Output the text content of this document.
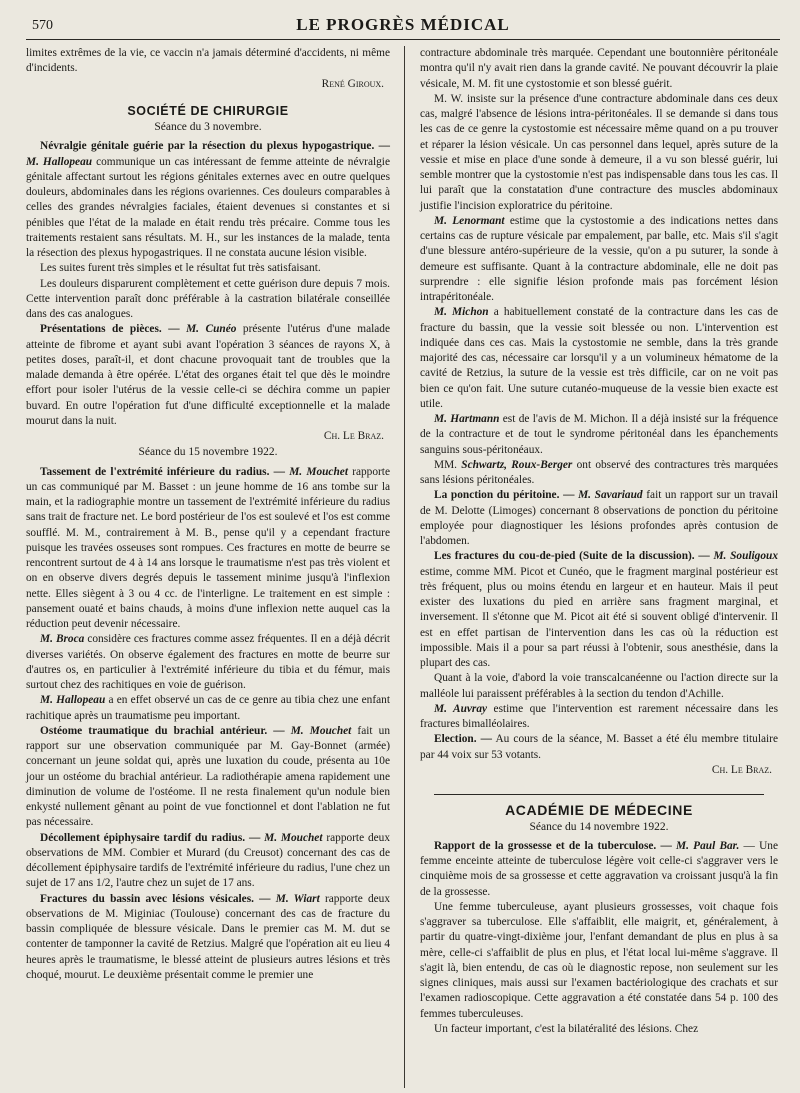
570	LE PROGRÈS MÉDICAL

limites extrêmes de la vie, ce vaccin n'a jamais déterminé d'accidents, ni même d'incidents.

René Giroux.
SOCIÉTÉ DE CHIRURGIE
Séance du 3 novembre.

Névralgie génitale guérie par la résection du plexus hypogastrique. — M. Hallopeau communique un cas intéressant de femme atteinte de névralgie génitale affectant surtout les régions génitales externes avec en outre quelques douleurs, abdominales dans les régions ovariennes. Ces douleurs comparables à celles des grandes névralgies faciales, étaient devenues si constantes et si pénibles que l'état de la malade en était rendu très précaire. Comme tous les traitements restaient sans résultats. M. H., sur les instances de la malade, tenta la résection des plexus hypogastriques. Il ne constata aucune lésion visible.

Les suites furent très simples et le résultat fut très satisfaisant.

Les douleurs disparurent complètement et cette guérison dure depuis 7 mois. Cette intervention paraît donc préférable à la castration bilatérale conseillée dans des cas analogues.

Présentations de pièces. — M. Cunéo présente l'utérus d'une malade atteinte de fibrome et ayant subi avant l'opération 3 séances de rayons X, à petites doses, paraît-il, et dont chacune provoquait tant de troubles que la malade demanda à être opérée. L'état des organes était tel que dès le moindre effort pour isoler l'utérus de la vessie celle-ci se déchira comme un papier buvard. En outre l'opération fut d'une difficulté exceptionnelle et la malade mourut dans la nuit.

Ch. Le Braz.
Séance du 15 novembre 1922.

Tassement de l'extrémité inférieure du radius. — M. Mouchet rapporte un cas communiqué par M. Basset : un jeune homme de 16 ans tombe sur la main, et la radiographie montre un tassement de l'extrémité inférieure du radius sans trait de fracture net. Le bord postérieur de l'os est soulevé et l'os est comme soufflé. M. M., contrairement à M. B., pense qu'il y a cependant fracture puisque les travées osseuses sont rompues. Ces fractures en motte de beurre se rencontrent surtout de 4 à 14 ans lorsque le traumatisme n'est pas très violent et on en observe divers degrés depuis le tassement minime jusqu'à l'inflexion nette. Elles siègent à 3 ou 4 cc. de l'interligne. Le traitement en est simple : pansement ouaté et bains chauds, à moins d'une inflexion nette auquel cas la réduction peut devenir nécessaire.

M. Broca considère ces fractures comme assez fréquentes. Il en a déjà décrit diverses variétés. On observe également des fractures en motte de beurre sur d'autres os, en particulier à l'extrémité inférieure du tibia et du fémur, mais surtout chez des rachitiques en voie de guérison.

M. Hallopeau a en effet observé un cas de ce genre au tibia chez une enfant rachitique après un traumatisme peu important.

Ostéome traumatique du brachial antérieur. — M. Mouchet fait un rapport sur une observation communiquée par M. Gay-Bonnet (armée) concernant un jeune soldat qui, après une luxation du coude, présenta au 10e jour un ostéome du brachial antérieur. La radiothérapie amena rapidement une diminution de volume de l'ostéome. Il ne resta finalement qu'un nodule bien enkysté nullement gênant au point de vue fonctionnel et dont l'ablation ne fut pas nécessaire.

Décollement épiphysaire tardif du radius. — M. Mouchet rapporte deux observations de MM. Combier et Murard (du Creusot) concernant des cas de décollement épiphysaire tardifs de l'extrémité inférieure du radius, l'une chez un sujet de 17 ans 1/2, l'autre chez un sujet de 17 ans.

Fractures du bassin avec lésions vésicales. — M. Wiart rapporte deux observations de M. Miginiac (Toulouse) concernant des cas de fracture du bassin compliquée de blessure vésicale. Dans le premier cas M. M. dut se contenter de tamponner la cavité de Retzius. Malgré que l'opération ait eu lieu 4 heures après le traumatisme, le blessé atteint de plusieurs autres lésions et très choqué, mourut. Le deuxième présentait comme le premier une

contracture abdominale très marquée. Cependant une boutonnière péritonéale montra qu'il n'y avait rien dans la grande cavité. Ne pouvant découvrir la plaie vésicale, M. M. fit une cystostomie et son blessé guérit.

M. W. insiste sur la présence d'une contracture abdominale dans ces deux cas, malgré l'absence de lésions intra-péritonéales. Il se demande si dans tous les cas de ce genre la cystostomie est nécessaire même quand on a pu trouver et réparer la lésion vésicale. Un cas personnel dans lequel, après suture de la vessie et mise en place d'une sonde à demeure, il a vu son blessé guérir, lui semble montrer que la cystostomie n'est pas indispensable dans tous les cas. Il lui paraît que la constatation d'une contracture des muscles abdominaux justifie l'incision exploratrice du péritoine.

M. Lenormant estime que la cystostomie a des indications nettes dans certains cas de rupture vésicale par empalement, par balle, etc. Mais s'il s'agit d'une blessure antéro-supérieure de la vessie, qu'on a pu suturer, la sonde à demeure est suffisante. Quant à la contracture abdominale, elle ne doit pas surprendre : elle signifie lésion profonde mais pas forcément lésion intrapéritonéale.

M. Michon a habituellement constaté de la contracture dans les cas de fracture du bassin, que la vessie soit blessée ou non. L'intervention est indiquée dans ces cas. Mais la cystostomie ne semble, dans la très grande majorité des cas, nécessaire car lorsqu'il y a un volumineux hématome de la cavité de Retzius, la suture de la vessie est très difficile, car on ne voit pas bien ce qu'on fait. Une suture cutanéo-muqueuse de la vessie bien exacte est utile.

M. Hartmann est de l'avis de M. Michon. Il a déjà insisté sur la fréquence de la contracture et de tout le syndrome péritonéal dans les épanchements sanguins sous-péritonéaux.

MM. Schwartz, Roux-Berger ont observé des contractures très marquées sans lésions péritonéales.

La ponction du péritoine. — M. Savariaud fait un rapport sur un travail de M. Delotte (Limoges) concernant 8 observations de ponction du péritoine employée pour diagnostiquer les lésions profondes après contusion de l'abdomen.

Les fractures du cou-de-pied (Suite de la discussion). — M. Souligoux estime, comme MM. Picot et Cunéo, que le fragment marginal postérieur est très fréquent, plus ou moins étendu en largeur et en hauteur. Mais il peut exister des luxations du pied en arrière sans fragment marginal, et inversement. Il s'étonne que M. Picot ait été si souvent obligé d'intervenir. Il est en effet partisan de l'intervention dans les cas où la réduction est impossible. Mais il a pour sa part réussi à l'obtenir, sous anesthésie, dans la plupart des cas.

Quant à la voie, d'abord la voie transcalcanéenne ou l'action directe sur la malléole lui paraissent préférables à la section du tendon d'Achille.

M. Auvray estime que l'intervention est rarement nécessaire dans les fractures bimalléolaires.

Election. — Au cours de la séance, M. Basset a été élu membre titulaire par 44 voix sur 53 votants.

Ch. Le Braz.
ACADÉMIE DE MÉDECINE
Séance du 14 novembre 1922.

Rapport de la grossesse et de la tuberculose. — M. Paul Bar. — Une femme enceinte atteinte de tuberculose légère voit celle-ci s'aggraver vers le cinquième mois de sa grossesse et cette aggravation va croissant jusqu'à la fin de la grossesse.

Une femme tuberculeuse, ayant plusieurs grossesses, voit chaque fois s'aggraver sa tuberculose. Elle s'affaiblit, elle maigrit, et, généralement, à partir du quatre-vingt-dixième jour, l'enfant demandant de plus en plus à sa mère, celle-ci s'affaiblit de plus en plus, et l'état local lui-même s'aggrave. Il s'agit là, bien entendu, de cas où le diagnostic repose, non seulement sur les signes cliniques, mais aussi sur l'examen bactériologique des crachats et sur l'examen radioscopique. Cette aggravation a été constatée dans 54 p. 100 des femmes tuberculeuses.

Un facteur important, c'est la bilatéralité des lésions. Chez
